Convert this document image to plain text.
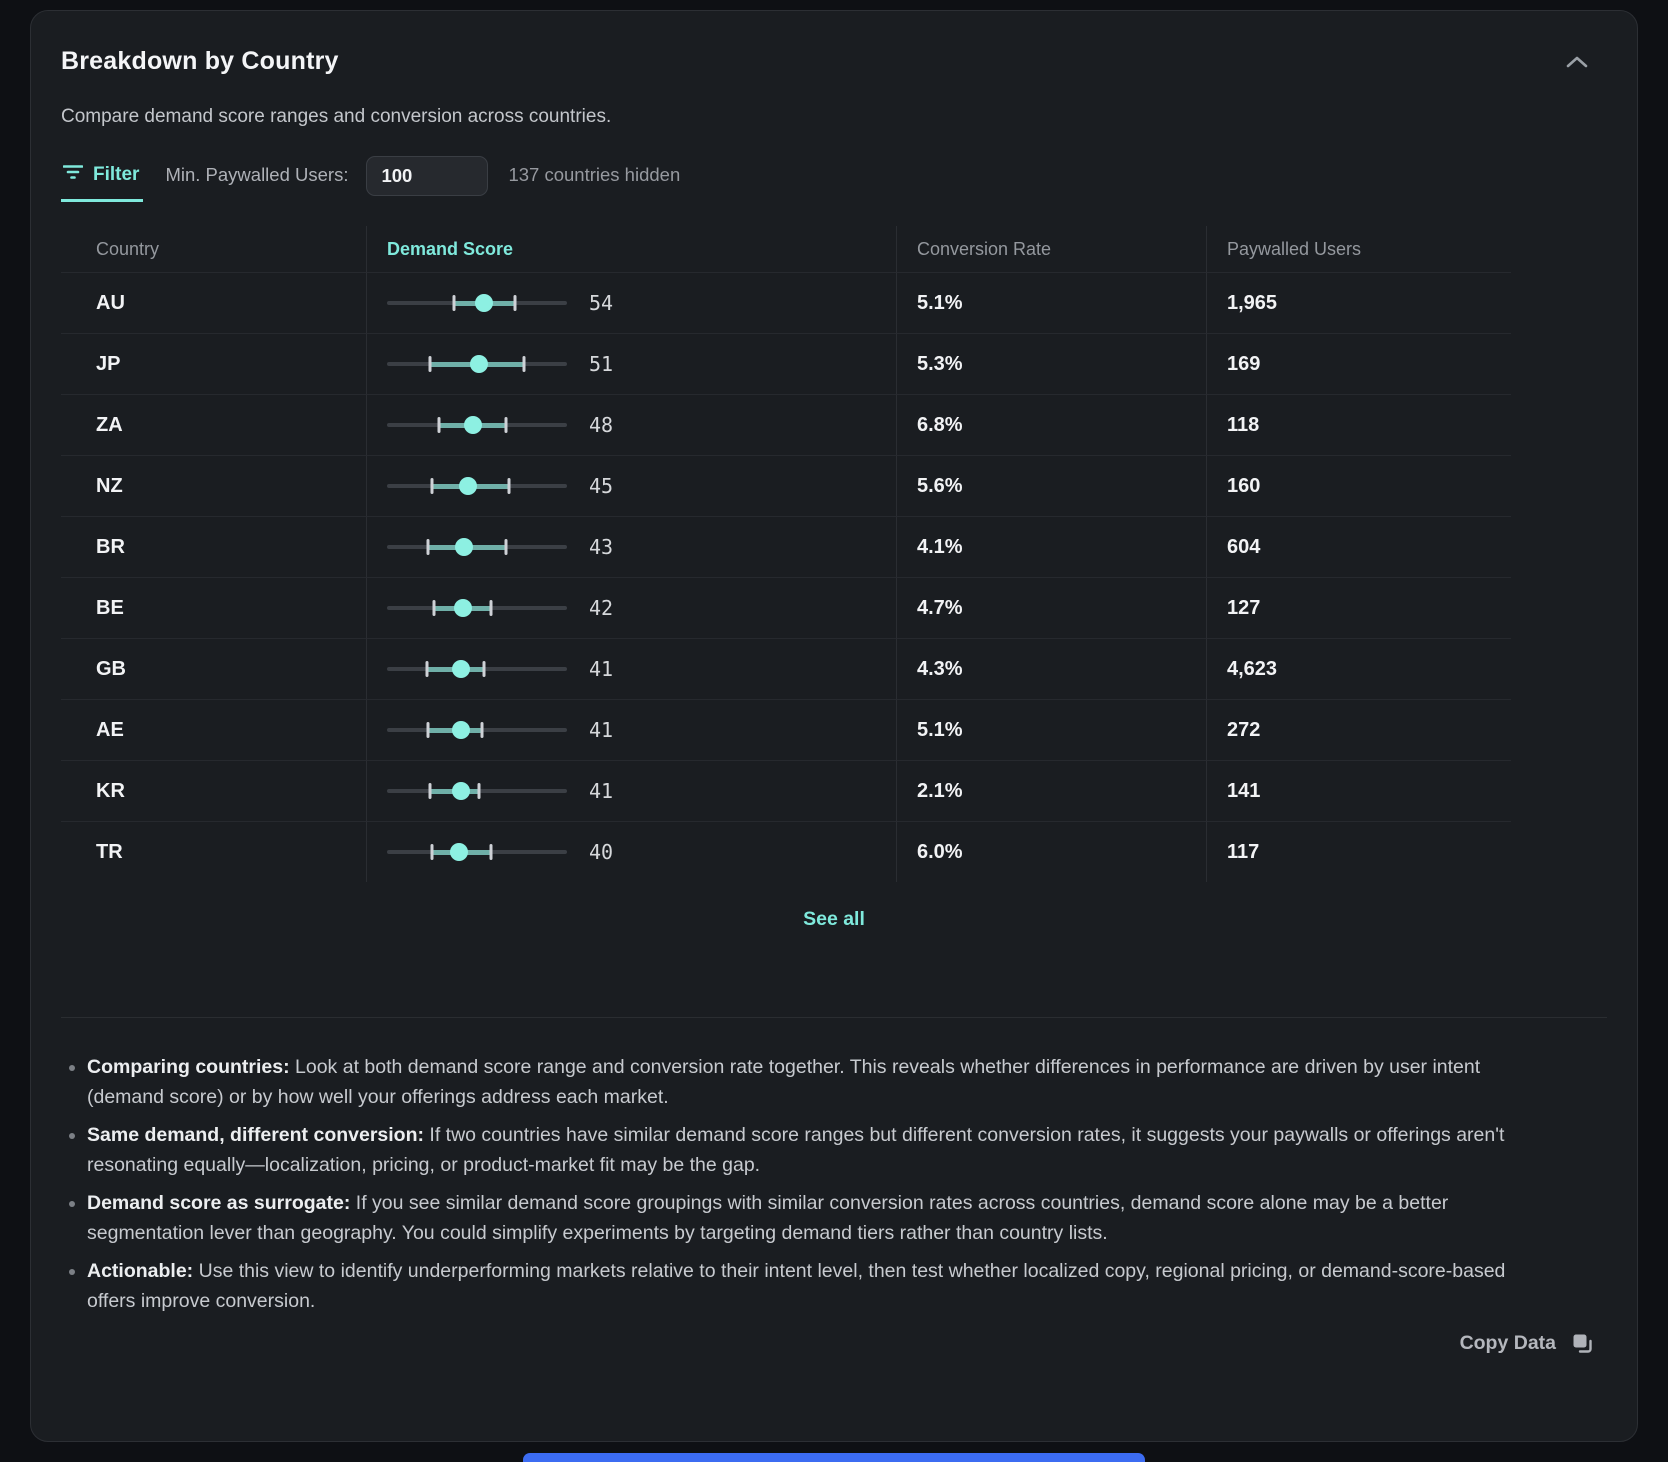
Breakdown by Country
Compare demand score ranges and conversion across countries.
Filter Min. Paywalled Users:
100	137 countries hidden
Country	Demand Score	Conversion Rate	Paywalled Users
AU	54	5.1%	1,965
JP	51	5.3%	169
ZA	48	6.8%	118
NZ	45	5.6%	160
BR	43	4.1%	604
BE	42	4.7%	127
GB	41	4.3%	4,623
AE	41	5.1%	272
KR	41	2.1%	141
TR	40	6.0%	117
See all
• Comparing countries: Look at both demand score range and conversion rate together. This reveals whether differences in performance are driven by user intent (demand score) or by how well your offerings address each market.
• Same demand, different conversion: If two countries have similar demand score ranges but different conversion rates, it suggests your paywalls or offerings aren't resonating equally—localization, pricing, or product-market fit may be the gap.
• Demand score as surrogate: If you see similar demand score groupings with similar conversion rates across countries, demand score alone may be a better segmentation lever than geography. You could simplify experiments by targeting demand tiers rather than country lists.
• Actionable: Use this view to identify underperforming markets relative to their intent level, then test whether localized copy, regional pricing, or demand-score-based offers improve conversion.
Copy Data
